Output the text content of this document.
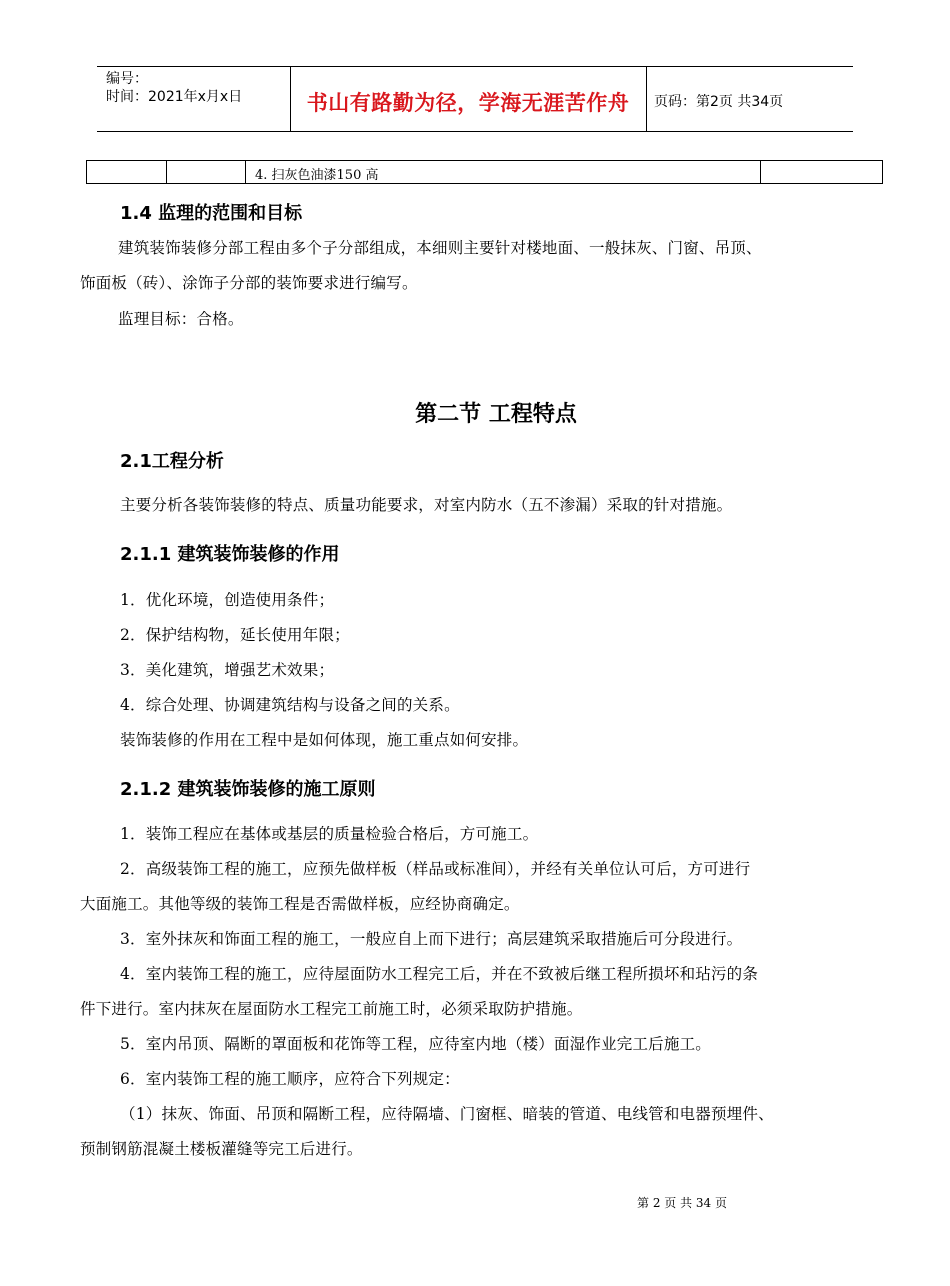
编号：
时间：2021年x月x日	书山有路勤为径，学海无涯苦作舟	页码：第2页 共34页
4. 扫灰色油漆150 高
1.4 监理的范围和目标
建筑装饰装修分部工程由多个子分部组成，本细则主要针对楼地面、一般抹灰、门窗、吊顶、
饰面板（砖）、涂饰子分部的装饰要求进行编写。
监理目标：合格。
第二节 工程特点
2.1工程分析
主要分析各装饰装修的特点、质量功能要求，对室内防水（五不渗漏）采取的针对措施。
2.1.1 建筑装饰装修的作用
1．优化环境，创造使用条件；
2．保护结构物，延长使用年限；
3．美化建筑，增强艺术效果；
4．综合处理、协调建筑结构与设备之间的关系。
装饰装修的作用在工程中是如何体现，施工重点如何安排。
2.1.2 建筑装饰装修的施工原则
1．装饰工程应在基体或基层的质量检验合格后，方可施工。
2．高级装饰工程的施工，应预先做样板（样品或标准间），并经有关单位认可后，方可进行
大面施工。其他等级的装饰工程是否需做样板，应经协商确定。
3．室外抹灰和饰面工程的施工，一般应自上而下进行；高层建筑采取措施后可分段进行。
4．室内装饰工程的施工，应待屋面防水工程完工后，并在不致被后继工程所损坏和玷污的条
件下进行。室内抹灰在屋面防水工程完工前施工时，必须采取防护措施。
5．室内吊顶、隔断的罩面板和花饰等工程，应待室内地（楼）面湿作业完工后施工。
6．室内装饰工程的施工顺序，应符合下列规定：
（1）抹灰、饰面、吊顶和隔断工程，应待隔墙、门窗框、暗装的管道、电线管和电器预埋件、
预制钢筋混凝土楼板灌缝等完工后进行。
第 2 页 共 34 页
